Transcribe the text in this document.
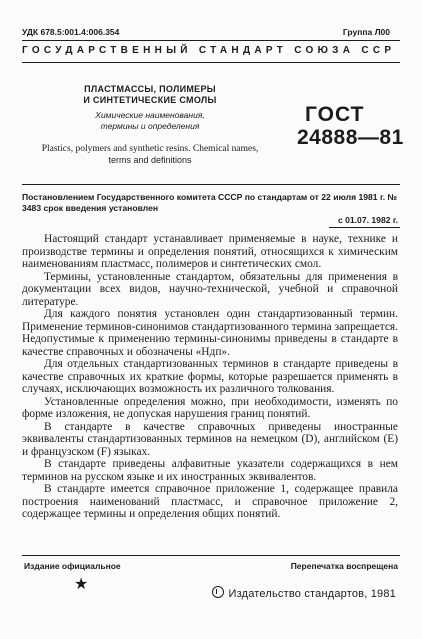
УДК 678.5:001.4:006.354	Группа Л00
ГОСУДАРСТВЕННЫЙ СТАНДАРТ СОЮЗА ССР
ПЛАСТМАССЫ, ПОЛИМЕРЫ
И СИНТЕТИЧЕСКИЕ СМОЛЫ
Химические наименования,
термины и определения
Plastics, polymers and synthetic resins. Chemical names,
terms and definitions
ГОСТ
24888—81
Постановлением Государственного комитета СССР по стандартам от 22 июля 1981 г. № 3483 срок введения установлен
с 01.07. 1982 г.

Настоящий стандарт устанавливает применяемые в науке, технике и производстве термины и определения понятий, относящихся к химическим наименованиям пластмасс, полимеров и синтетических смол.

Термины, установленные стандартом, обязательны для применения в документации всех видов, научно-технической, учебной и справочной литературе.

Для каждого понятия установлен один стандартизованный термин. Применение терминов-синонимов стандартизованного термина запрещается. Недопустимые к применению термины-синонимы приведены в стандарте в качестве справочных и обозначены «Ндп».

Для отдельных стандартизованных терминов в стандарте приведены в качестве справочных их краткие формы, которые разрешается применять в случаях, исключающих возможность их различного толкования.

Установленные определения можно, при необходимости, изменять по форме изложения, не допуская нарушения границ понятий.

В стандарте в качестве справочных приведены иностранные эквиваленты стандартизованных терминов на немецком (D), английском (E) и французском (F) языках.

В стандарте приведены алфавитные указатели содержащихся в нем терминов на русском языке и их иностранных эквивалентов.

В стандарте имеется справочное приложение 1, содержащее правила построения наименований пластмасс, и справочное приложение 2, содержащее термины и определения общих понятий.

Издание официальное	Перепечатка воспрещена
★
Издательство стандартов, 1981
